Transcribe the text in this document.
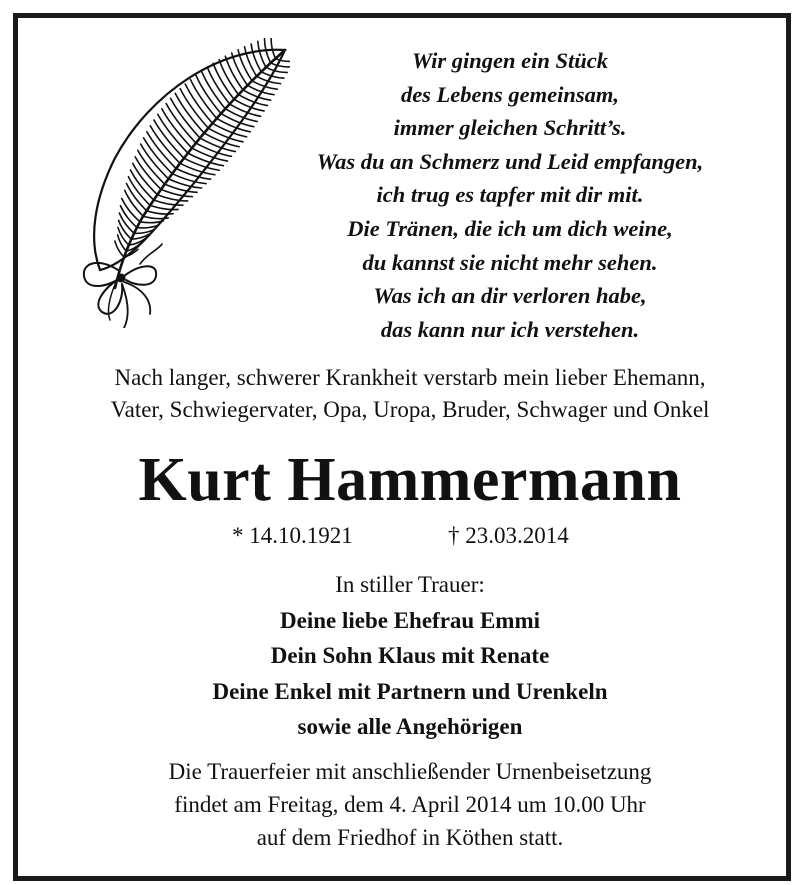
Wir gingen ein Stück
des Lebens gemeinsam,
immer gleichen Schritt’s.
Was du an Schmerz und Leid empfangen,
ich trug es tapfer mit dir mit.
Die Tränen, die ich um dich weine,
du kannst sie nicht mehr sehen.
Was ich an dir verloren habe,
das kann nur ich verstehen.
Nach langer, schwerer Krankheit verstarb mein lieber Ehemann,
Vater, Schwiegervater, Opa, Uropa, Bruder, Schwager und Onkel
Kurt Hammermann
* 14.10.1921	† 23.03.2014
In stiller Trauer:
Deine liebe Ehefrau Emmi
Dein Sohn Klaus mit Renate
Deine Enkel mit Partnern und Urenkeln
sowie alle Angehörigen
Die Trauerfeier mit anschließender Urnenbeisetzung
findet am Freitag, dem 4. April 2014 um 10.00 Uhr
auf dem Friedhof in Köthen statt.
